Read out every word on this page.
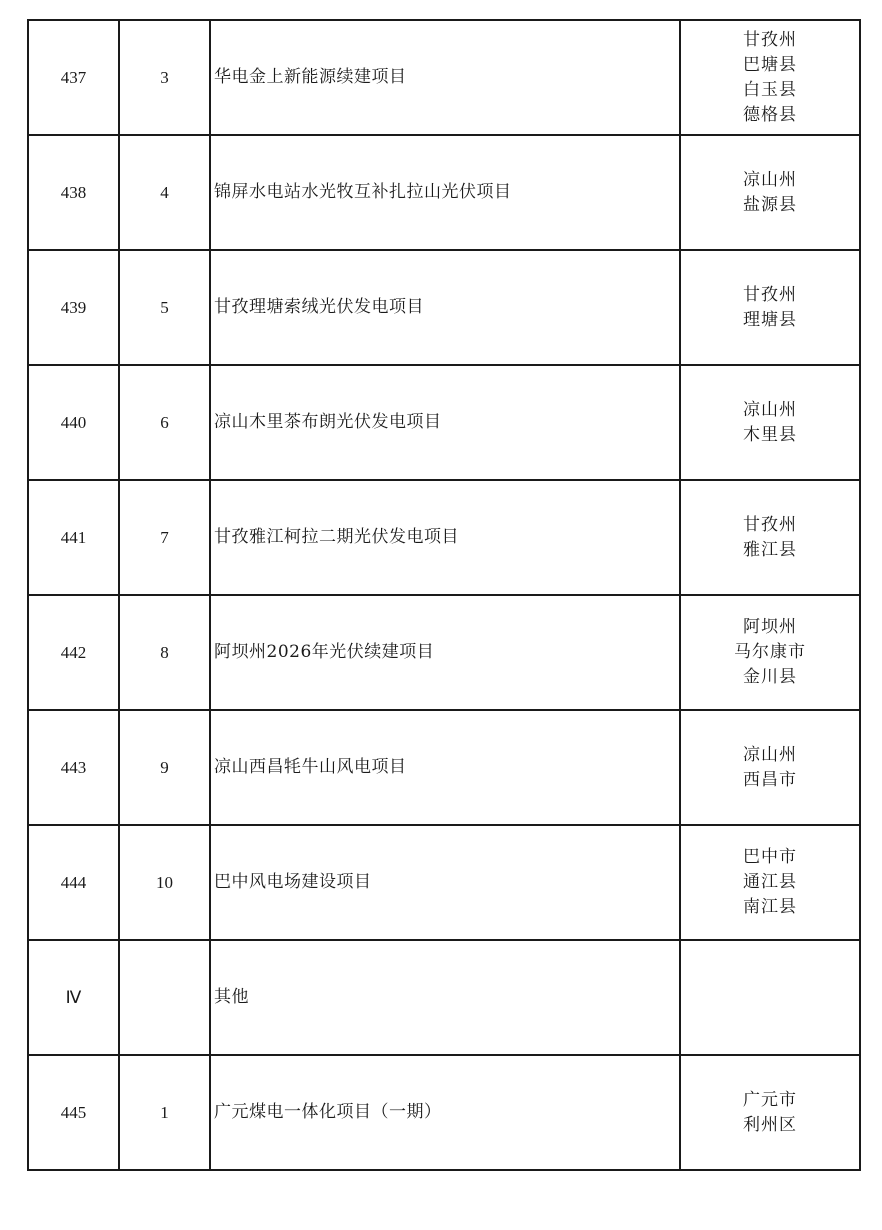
437	3	华电金上新能源续建项目	甘孜州
巴塘县
白玉县
德格县

438	4	锦屏水电站水光牧互补扎拉山光伏项目	凉山州
盐源县

439	5	甘孜理塘索绒光伏发电项目	甘孜州
理塘县

440	6	凉山木里茶布朗光伏发电项目	凉山州
木里县

441	7	甘孜雅江柯拉二期光伏发电项目	甘孜州
雅江县

442	8	阿坝州2026年光伏续建项目	阿坝州
马尔康市
金川县

443	9	凉山西昌牦牛山风电项目	凉山州
西昌市

444	10	巴中风电场建设项目	巴中市
通江县
南江县

Ⅳ		其他	
445	1	广元煤电一体化项目（一期）	广元市
利州区
